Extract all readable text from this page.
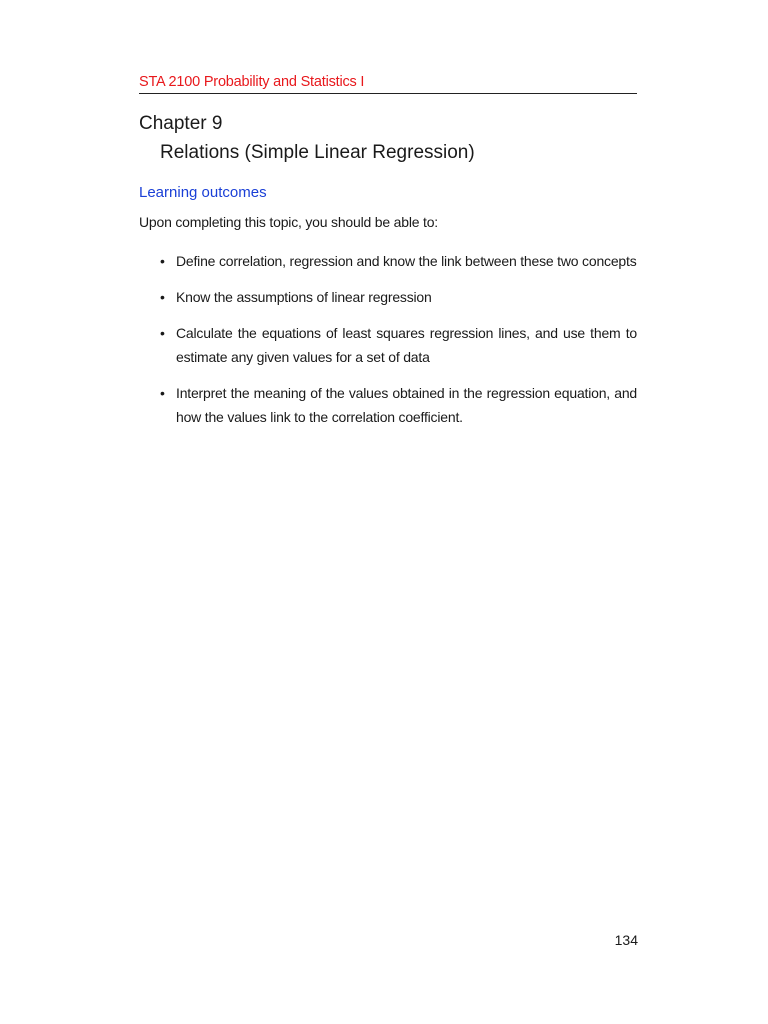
STA 2100 Probability and Statistics I
Chapter 9
Relations (Simple Linear Regression)
Learning outcomes
Upon completing this topic, you should be able to:
• Define correlation, regression and know the link between these two concepts
• Know the assumptions of linear regression
• Calculate the equations of least squares regression lines, and use them to estimate any given values for a set of data
• Interpret the meaning of the values obtained in the regression equation, and how the values link to the correlation coefficient.
134
